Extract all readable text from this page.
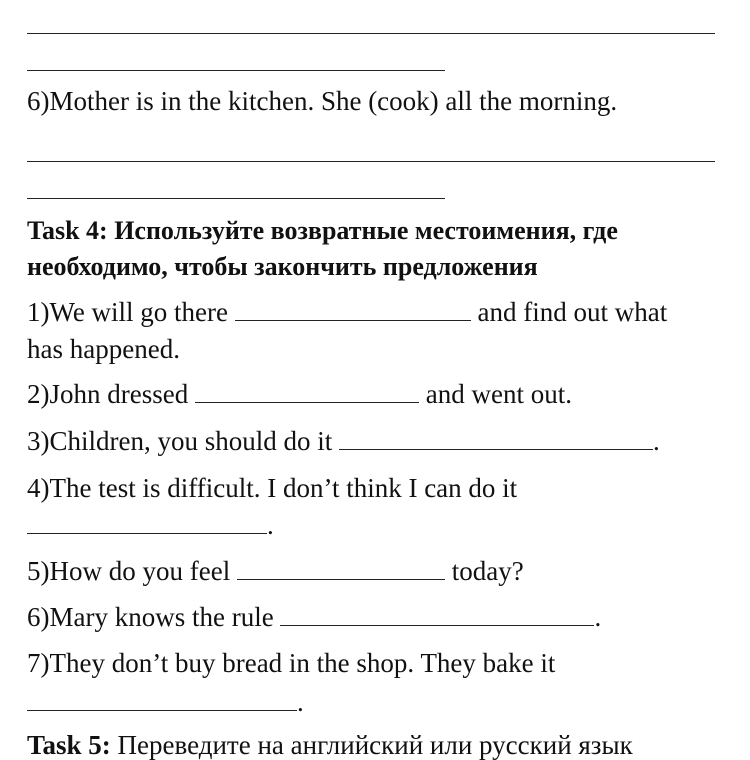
6)Mother is in the kitchen. She (cook) all the morning.
Task 4: Используйте возвратные местоимения, где
необходимо, чтобы закончить предложения
1)We will go there	and find out what
has happened.
2)John dressed	and went out.
3)Children, you should do it	.
4)The test is difficult. I don’t think I can do it
.
5)How do you feel	today?
6)Mary knows the rule	.
7)They don’t buy bread in the shop. They bake it
.
Task 5: Переведите на английский или русский язык
